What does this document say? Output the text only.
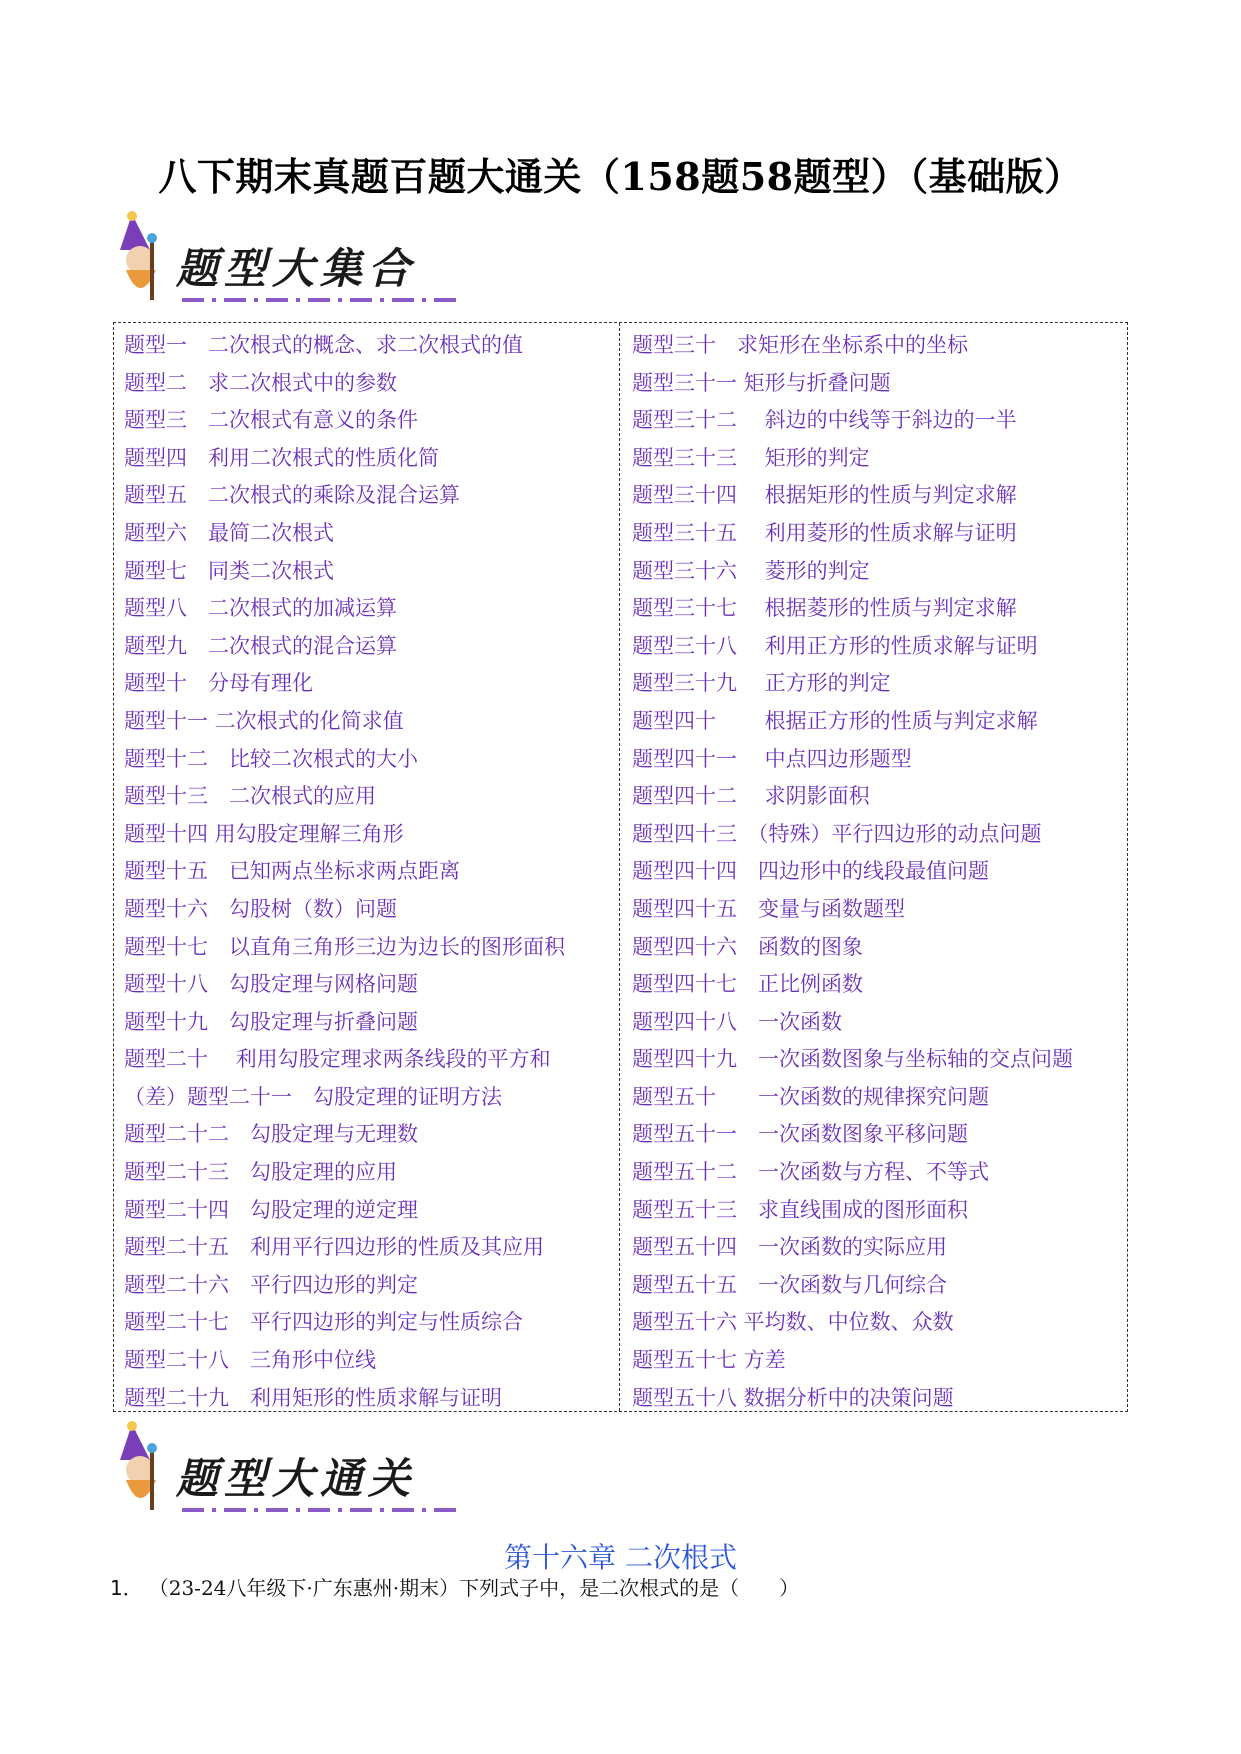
八下期末真题百题大通关（158题58题型）（基础版）
题型大集合
题型一　二次根式的概念、求二次根式的值
题型二　求二次根式中的参数
题型三　二次根式有意义的条件
题型四　利用二次根式的性质化简
题型五　二次根式的乘除及混合运算
题型六　最简二次根式
题型七　同类二次根式
题型八　二次根式的加减运算
题型九　二次根式的混合运算
题型十　分母有理化
题型十一 二次根式的化简求值
题型十二　比较二次根式的大小
题型十三　二次根式的应用
题型十四 用勾股定理解三角形
题型十五　已知两点坐标求两点距离
题型十六　勾股树（数）问题
题型十七　以直角三角形三边为边长的图形面积
题型十八　勾股定理与网格问题
题型十九　勾股定理与折叠问题
题型二十　 利用勾股定理求两条线段的平方和
（差）题型二十一　勾股定理的证明方法
题型二十二　勾股定理与无理数
题型二十三　勾股定理的应用
题型二十四　勾股定理的逆定理
题型二十五　利用平行四边形的性质及其应用
题型二十六　平行四边形的判定
题型二十七　平行四边形的判定与性质综合
题型二十八　三角形中位线
题型二十九　利用矩形的性质求解与证明
题型三十　求矩形在坐标系中的坐标
题型三十一 矩形与折叠问题
题型三十二　 斜边的中线等于斜边的一半
题型三十三　 矩形的判定
题型三十四　 根据矩形的性质与判定求解
题型三十五　 利用菱形的性质求解与证明
题型三十六　 菱形的判定
题型三十七　 根据菱形的性质与判定求解
题型三十八　 利用正方形的性质求解与证明
题型三十九　 正方形的判定
题型四十　　 根据正方形的性质与判定求解
题型四十一　 中点四边形题型
题型四十二　 求阴影面积
题型四十三　（特殊）平行四边形的动点问题
题型四十四　四边形中的线段最值问题
题型四十五　变量与函数题型
题型四十六　函数的图象
题型四十七　正比例函数
题型四十八　一次函数
题型四十九　一次函数图象与坐标轴的交点问题
题型五十　　一次函数的规律探究问题
题型五十一　一次函数图象平移问题
题型五十二　一次函数与方程、不等式
题型五十三　求直线围成的图形面积
题型五十四　一次函数的实际应用
题型五十五　一次函数与几何综合
题型五十六 平均数、中位数、众数
题型五十七 方差
题型五十八 数据分析中的决策问题
题型大通关
第十六章 二次根式
1． （23-24八年级下·广东惠州·期末）下列式子中，是二次根式的是（　　）
